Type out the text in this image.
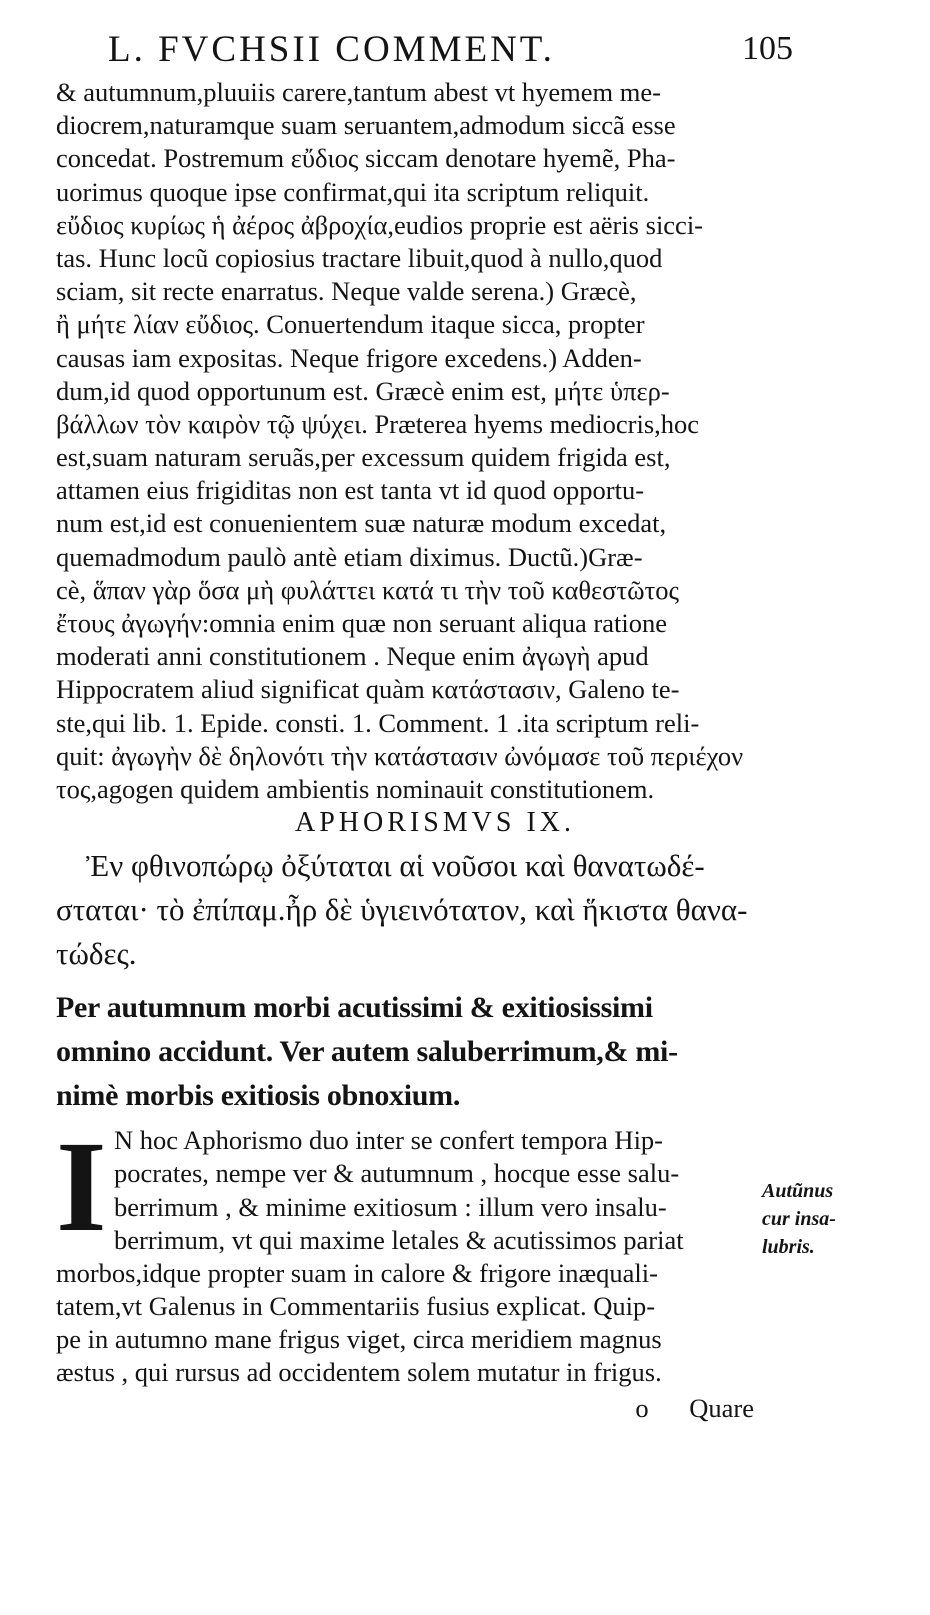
L. FVCHSII COMMENT.	105
& autumnum,pluuiis carere,tantum abest vt hyemem me-
diocrem,naturamque suam seruantem,admodum siccã esse
concedat. Postremum εὔδιος siccam denotare hyemẽ, Pha-
uorimus quoque ipse confirmat,qui ita scriptum reliquit.
εὔδιος κυρίως ἡ ἀέρος ἀβροχία,eudios proprie est aëris sicci-
tas. Hunc locũ copiosius tractare libuit,quod à nullo,quod
sciam, sit recte enarratus. Neque valde serena.) Græcè,
ἢ μήτε λίαν εὔδιος. Conuertendum itaque sicca, propter
causas iam expositas. Neque frigore excedens.) Adden-
dum,id quod opportunum est. Græcè enim est, μήτε ὑπερ-
βάλλων τὸν καιρὸν τῷ ψύχει. Præterea hyems mediocris,hoc
est,suam naturam seruãs,per excessum quidem frigida est,
attamen eius frigiditas non est tanta vt id quod opportu-
num est,id est conuenientem suæ naturæ modum excedat,
quemadmodum paulò antè etiam diximus. Ductũ.)Græ-
cè, ἅπαν γὰρ ὅσα μὴ φυλάττει κατά τι τὴν τοῦ καθεστῶτος
ἔτους ἀγωγήν:omnia enim quæ non seruant aliqua ratione
moderati anni constitutionem . Neque enim ἀγωγὴ apud
Hippocratem aliud significat quàm κατάστασιν, Galeno te-
ste,qui lib. 1. Epide. consti. 1. Comment. 1 .ita scriptum reli-
quit: ἀγωγὴν δὲ δηλονότι τὴν κατάστασιν ὠνόμασε τοῦ περιέχον
τος,agogen quidem ambientis nominauit constitutionem.
APHORISMVS IX.
Ἐν φθινοπώρῳ ὀξύταται αἱ νοῦσοι καὶ θανατωδέ-
σταται· τὸ ἐπίπαμ.ἦρ δὲ ὑγιεινότατον, καὶ ἥκιστα θανα-
τώδες.
Per autumnum morbi acutissimi & exitiosissimi
omnino accidunt. Ver autem saluberrimum,& mi-
nimè morbis exitiosis obnoxium.
I N hoc Aphorismo duo inter se confert tempora Hip-
pocrates, nempe ver & autumnum , hocque esse salu-
berrimum , & minime exitiosum : illum vero insalu-
berrimum, vt qui maxime letales & acutissimos pariat
morbos,idque propter suam in calore & frigore inæquali-
tatem,vt Galenus in Commentariis fusius explicat. Quip-
pe in autumno mane frigus viget, circa meridiem magnus
æstus , qui rursus ad occidentem solem mutatur in frigus.
o Quare
Autũnus
cur insa-
lubris.
